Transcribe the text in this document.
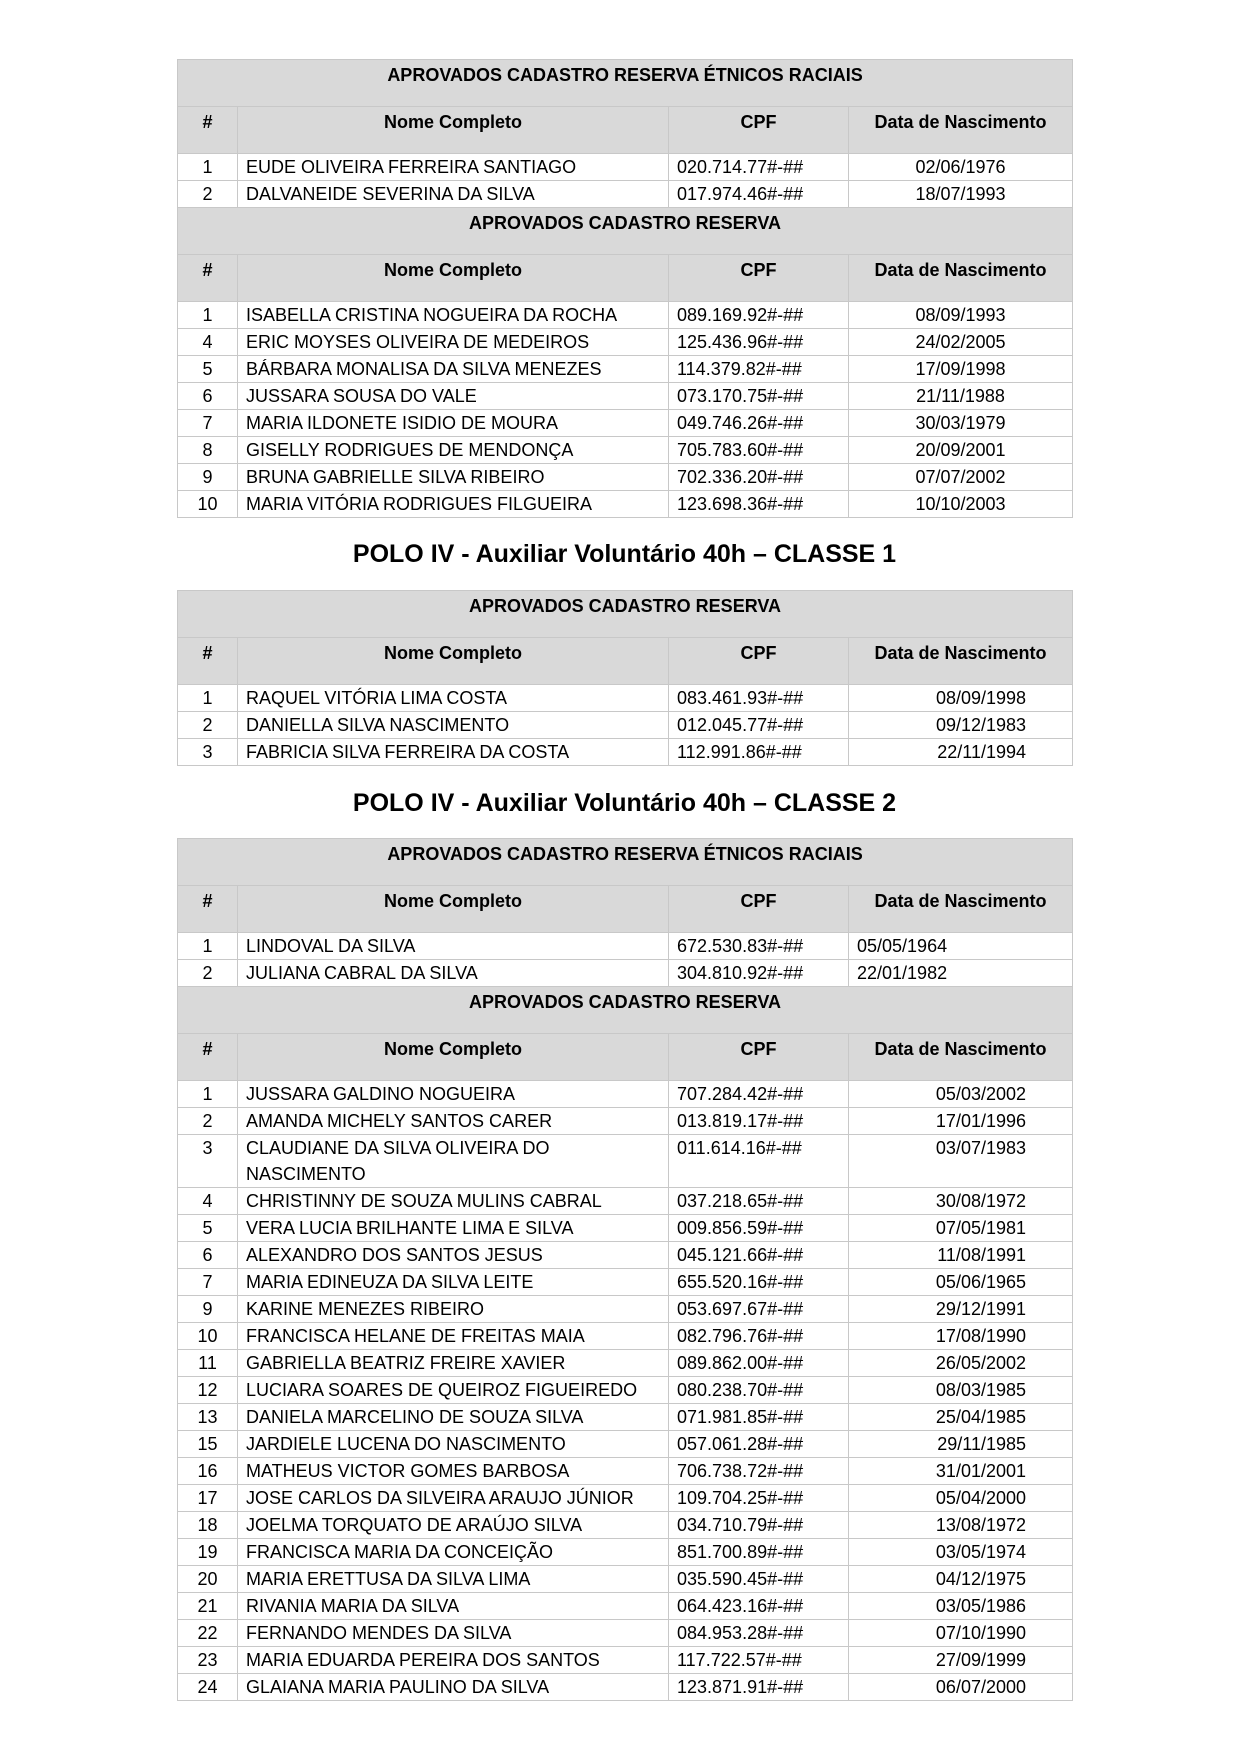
APROVADOS CADASTRO RESERVA ÉTNICOS RACIAIS			
#	Nome Completo	CPF	Data de Nascimento
1	EUDE OLIVEIRA FERREIRA SANTIAGO	020.714.77#-##	02/06/1976
2	DALVANEIDE SEVERINA DA SILVA	017.974.46#-##	18/07/1993
APROVADOS CADASTRO RESERVA			
#	Nome Completo	CPF	Data de Nascimento
1	ISABELLA CRISTINA NOGUEIRA DA ROCHA	089.169.92#-##	08/09/1993
4	ERIC MOYSES OLIVEIRA DE MEDEIROS	125.436.96#-##	24/02/2005
5	BÁRBARA MONALISA DA SILVA MENEZES	114.379.82#-##	17/09/1998
6	JUSSARA SOUSA DO VALE	073.170.75#-##	21/11/1988
7	MARIA ILDONETE ISIDIO DE MOURA	049.746.26#-##	30/03/1979
8	GISELLY RODRIGUES DE MENDONÇA	705.783.60#-##	20/09/2001
9	BRUNA GABRIELLE SILVA RIBEIRO	702.336.20#-##	07/07/2002
10	MARIA VITÓRIA RODRIGUES FILGUEIRA	123.698.36#-##	10/10/2003
POLO IV - Auxiliar Voluntário 40h – CLASSE 1
APROVADOS CADASTRO RESERVA			
#	Nome Completo	CPF	Data de Nascimento
1	RAQUEL VITÓRIA LIMA COSTA	083.461.93#-##	08/09/1998
2	DANIELLA SILVA NASCIMENTO	012.045.77#-##	09/12/1983
3	FABRICIA SILVA FERREIRA DA COSTA	112.991.86#-##	22/11/1994
POLO IV - Auxiliar Voluntário 40h – CLASSE 2
APROVADOS CADASTRO RESERVA ÉTNICOS RACIAIS			
#	Nome Completo	CPF	Data de Nascimento
1	LINDOVAL DA SILVA	672.530.83#-##	05/05/1964
2	JULIANA CABRAL DA SILVA	304.810.92#-##	22/01/1982
APROVADOS CADASTRO RESERVA			
#	Nome Completo	CPF	Data de Nascimento
1	JUSSARA GALDINO NOGUEIRA	707.284.42#-##	05/03/2002
2	AMANDA MICHELY SANTOS CARER	013.819.17#-##	17/01/1996
3	CLAUDIANE DA SILVA OLIVEIRA DO NASCIMENTO	011.614.16#-##	03/07/1983
4	CHRISTINNY DE SOUZA MULINS CABRAL	037.218.65#-##	30/08/1972
5	VERA LUCIA BRILHANTE LIMA E SILVA	009.856.59#-##	07/05/1981
6	ALEXANDRO DOS SANTOS JESUS	045.121.66#-##	11/08/1991
7	MARIA EDINEUZA DA SILVA LEITE	655.520.16#-##	05/06/1965
9	KARINE MENEZES RIBEIRO	053.697.67#-##	29/12/1991
10	FRANCISCA HELANE DE FREITAS MAIA	082.796.76#-##	17/08/1990
11	GABRIELLA BEATRIZ FREIRE XAVIER	089.862.00#-##	26/05/2002
12	LUCIARA SOARES DE QUEIROZ FIGUEIREDO	080.238.70#-##	08/03/1985
13	DANIELA MARCELINO DE SOUZA SILVA	071.981.85#-##	25/04/1985
15	JARDIELE LUCENA DO NASCIMENTO	057.061.28#-##	29/11/1985
16	MATHEUS VICTOR GOMES BARBOSA	706.738.72#-##	31/01/2001
17	JOSE CARLOS DA SILVEIRA ARAUJO JÚNIOR	109.704.25#-##	05/04/2000
18	JOELMA TORQUATO DE ARAÚJO SILVA	034.710.79#-##	13/08/1972
19	FRANCISCA MARIA DA CONCEIÇÃO	851.700.89#-##	03/05/1974
20	MARIA ERETTUSA DA SILVA LIMA	035.590.45#-##	04/12/1975
21	RIVANIA MARIA DA SILVA	064.423.16#-##	03/05/1986
22	FERNANDO MENDES DA SILVA	084.953.28#-##	07/10/1990
23	MARIA EDUARDA PEREIRA DOS SANTOS	117.722.57#-##	27/09/1999
24	GLAIANA MARIA PAULINO DA SILVA	123.871.91#-##	06/07/2000
